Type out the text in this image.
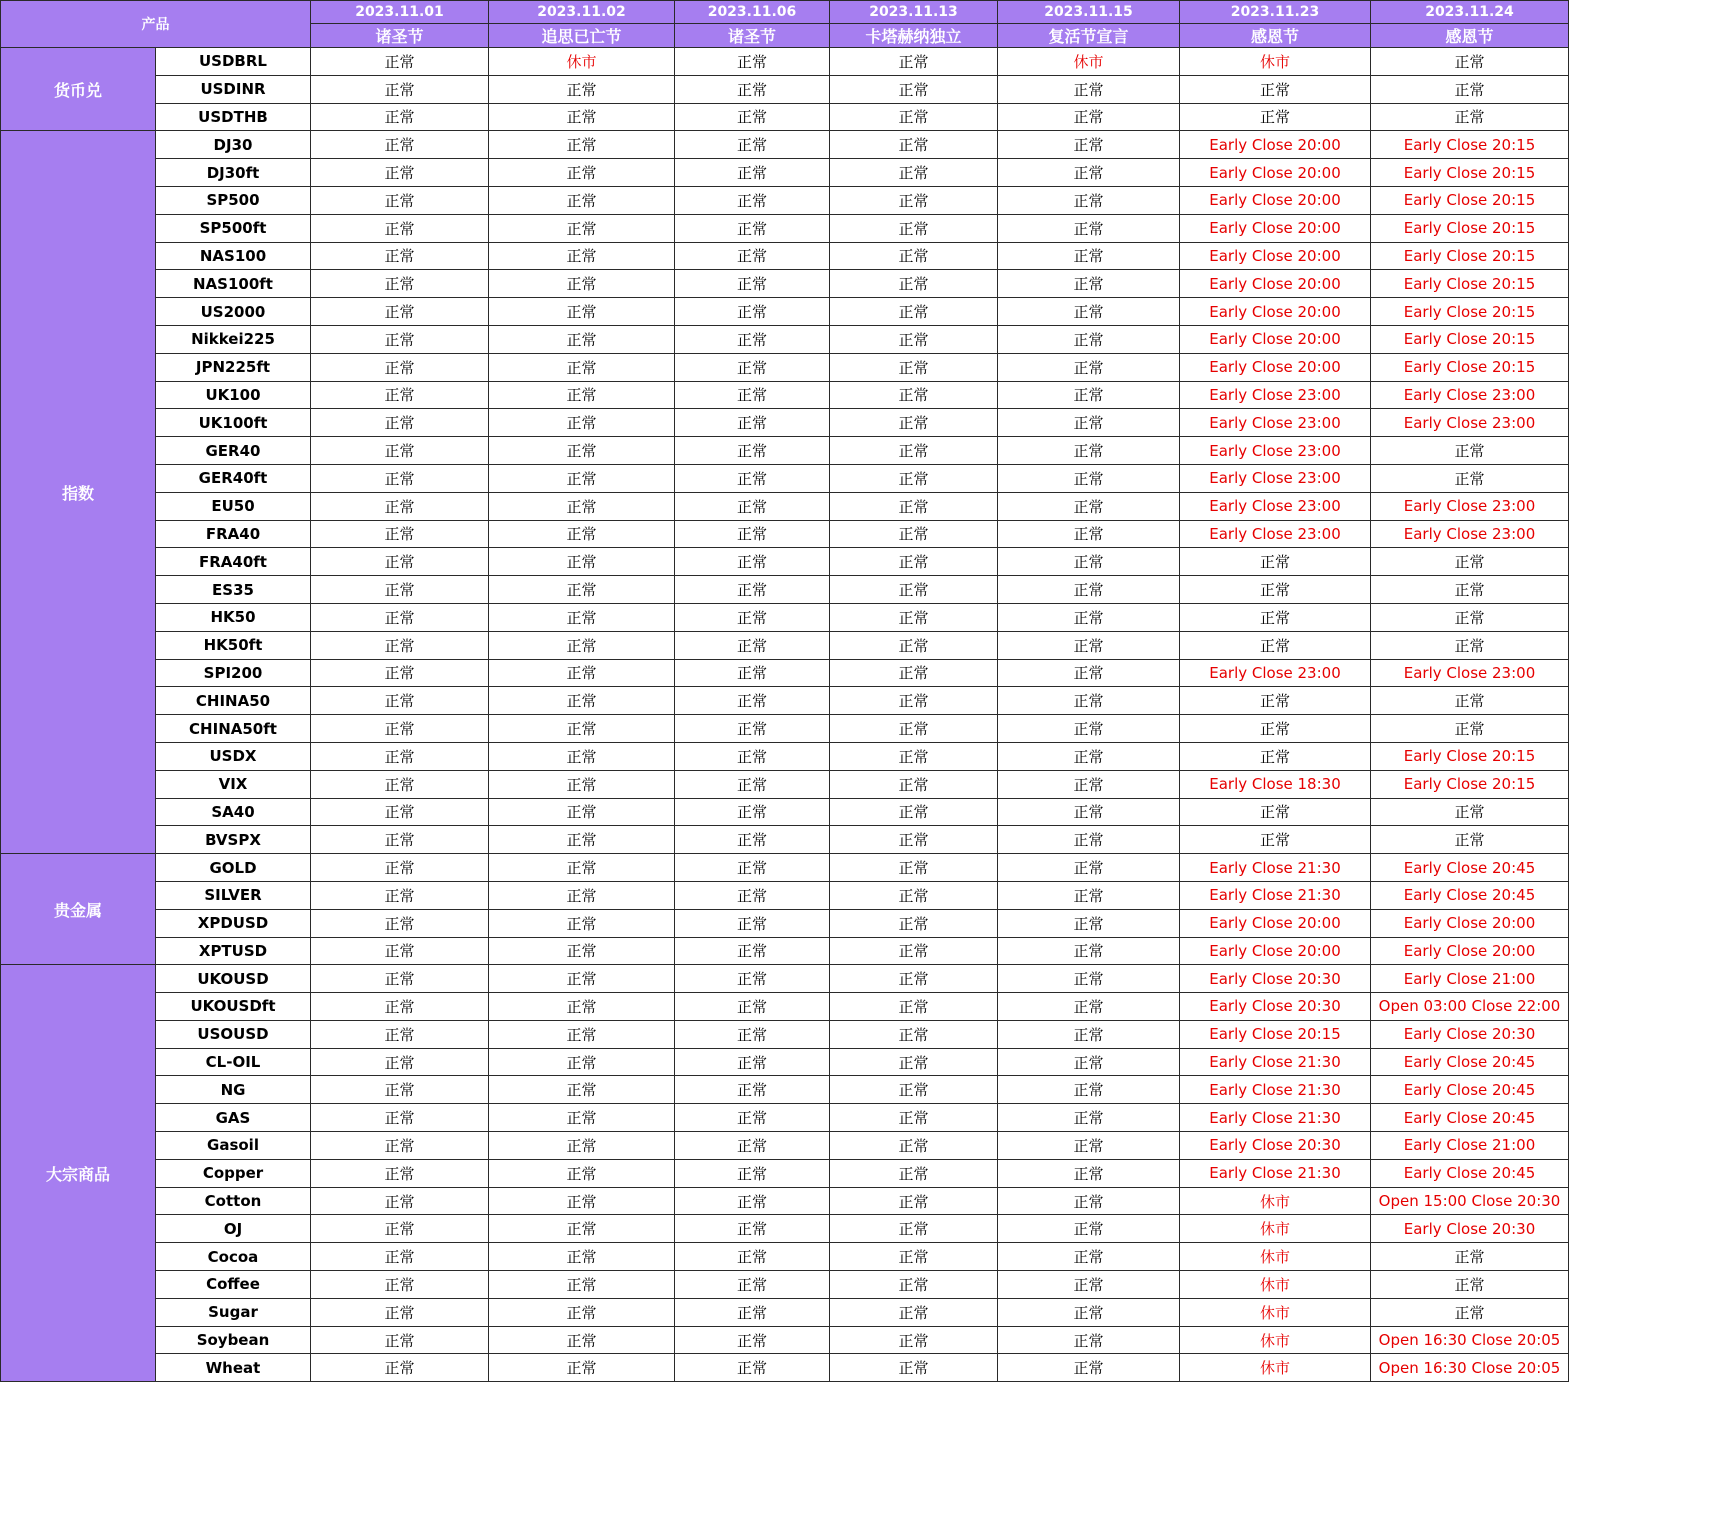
产品		2023.11.01	2023.11.02	2023.11.06	2023.11.13	2023.11.15	2023.11.23	2023.11.24
		诸圣节	追思已亡节	诸圣节	卡塔赫纳独立	复活节宣言	感恩节	感恩节
货币兑	USDBRL	正常	休市	正常	正常	休市	休市	正常
	USDINR	正常	正常	正常	正常	正常	正常	正常
	USDTHB	正常	正常	正常	正常	正常	正常	正常
指数	DJ30	正常	正常	正常	正常	正常	Early Close 20:00	Early Close 20:15
	DJ30ft	正常	正常	正常	正常	正常	Early Close 20:00	Early Close 20:15
	SP500	正常	正常	正常	正常	正常	Early Close 20:00	Early Close 20:15
	SP500ft	正常	正常	正常	正常	正常	Early Close 20:00	Early Close 20:15
	NAS100	正常	正常	正常	正常	正常	Early Close 20:00	Early Close 20:15
	NAS100ft	正常	正常	正常	正常	正常	Early Close 20:00	Early Close 20:15
	US2000	正常	正常	正常	正常	正常	Early Close 20:00	Early Close 20:15
	Nikkei225	正常	正常	正常	正常	正常	Early Close 20:00	Early Close 20:15
	JPN225ft	正常	正常	正常	正常	正常	Early Close 20:00	Early Close 20:15
	UK100	正常	正常	正常	正常	正常	Early Close 23:00	Early Close 23:00
	UK100ft	正常	正常	正常	正常	正常	Early Close 23:00	Early Close 23:00
	GER40	正常	正常	正常	正常	正常	Early Close 23:00	正常
	GER40ft	正常	正常	正常	正常	正常	Early Close 23:00	正常
	EU50	正常	正常	正常	正常	正常	Early Close 23:00	Early Close 23:00
	FRA40	正常	正常	正常	正常	正常	Early Close 23:00	Early Close 23:00
	FRA40ft	正常	正常	正常	正常	正常	正常	正常
	ES35	正常	正常	正常	正常	正常	正常	正常
	HK50	正常	正常	正常	正常	正常	正常	正常
	HK50ft	正常	正常	正常	正常	正常	正常	正常
	SPI200	正常	正常	正常	正常	正常	Early Close 23:00	Early Close 23:00
	CHINA50	正常	正常	正常	正常	正常	正常	正常
	CHINA50ft	正常	正常	正常	正常	正常	正常	正常
	USDX	正常	正常	正常	正常	正常	正常	Early Close 20:15
	VIX	正常	正常	正常	正常	正常	Early Close 18:30	Early Close 20:15
	SA40	正常	正常	正常	正常	正常	正常	正常
	BVSPX	正常	正常	正常	正常	正常	正常	正常
贵金属	GOLD	正常	正常	正常	正常	正常	Early Close 21:30	Early Close 20:45
	SILVER	正常	正常	正常	正常	正常	Early Close 21:30	Early Close 20:45
	XPDUSD	正常	正常	正常	正常	正常	Early Close 20:00	Early Close 20:00
	XPTUSD	正常	正常	正常	正常	正常	Early Close 20:00	Early Close 20:00
大宗商品	UKOUSD	正常	正常	正常	正常	正常	Early Close 20:30	Early Close 21:00
	UKOUSDft	正常	正常	正常	正常	正常	Early Close 20:30	Open 03:00 Close 22:00
	USOUSD	正常	正常	正常	正常	正常	Early Close 20:15	Early Close 20:30
	CL-OIL	正常	正常	正常	正常	正常	Early Close 21:30	Early Close 20:45
	NG	正常	正常	正常	正常	正常	Early Close 21:30	Early Close 20:45
	GAS	正常	正常	正常	正常	正常	Early Close 21:30	Early Close 20:45
	Gasoil	正常	正常	正常	正常	正常	Early Close 20:30	Early Close 21:00
	Copper	正常	正常	正常	正常	正常	Early Close 21:30	Early Close 20:45
	Cotton	正常	正常	正常	正常	正常	休市	Open 15:00 Close 20:30
	OJ	正常	正常	正常	正常	正常	休市	Early Close 20:30
	Cocoa	正常	正常	正常	正常	正常	休市	正常
	Coffee	正常	正常	正常	正常	正常	休市	正常
	Sugar	正常	正常	正常	正常	正常	休市	正常
	Soybean	正常	正常	正常	正常	正常	休市	Open 16:30 Close 20:05
	Wheat	正常	正常	正常	正常	正常	休市	Open 16:30 Close 20:05
